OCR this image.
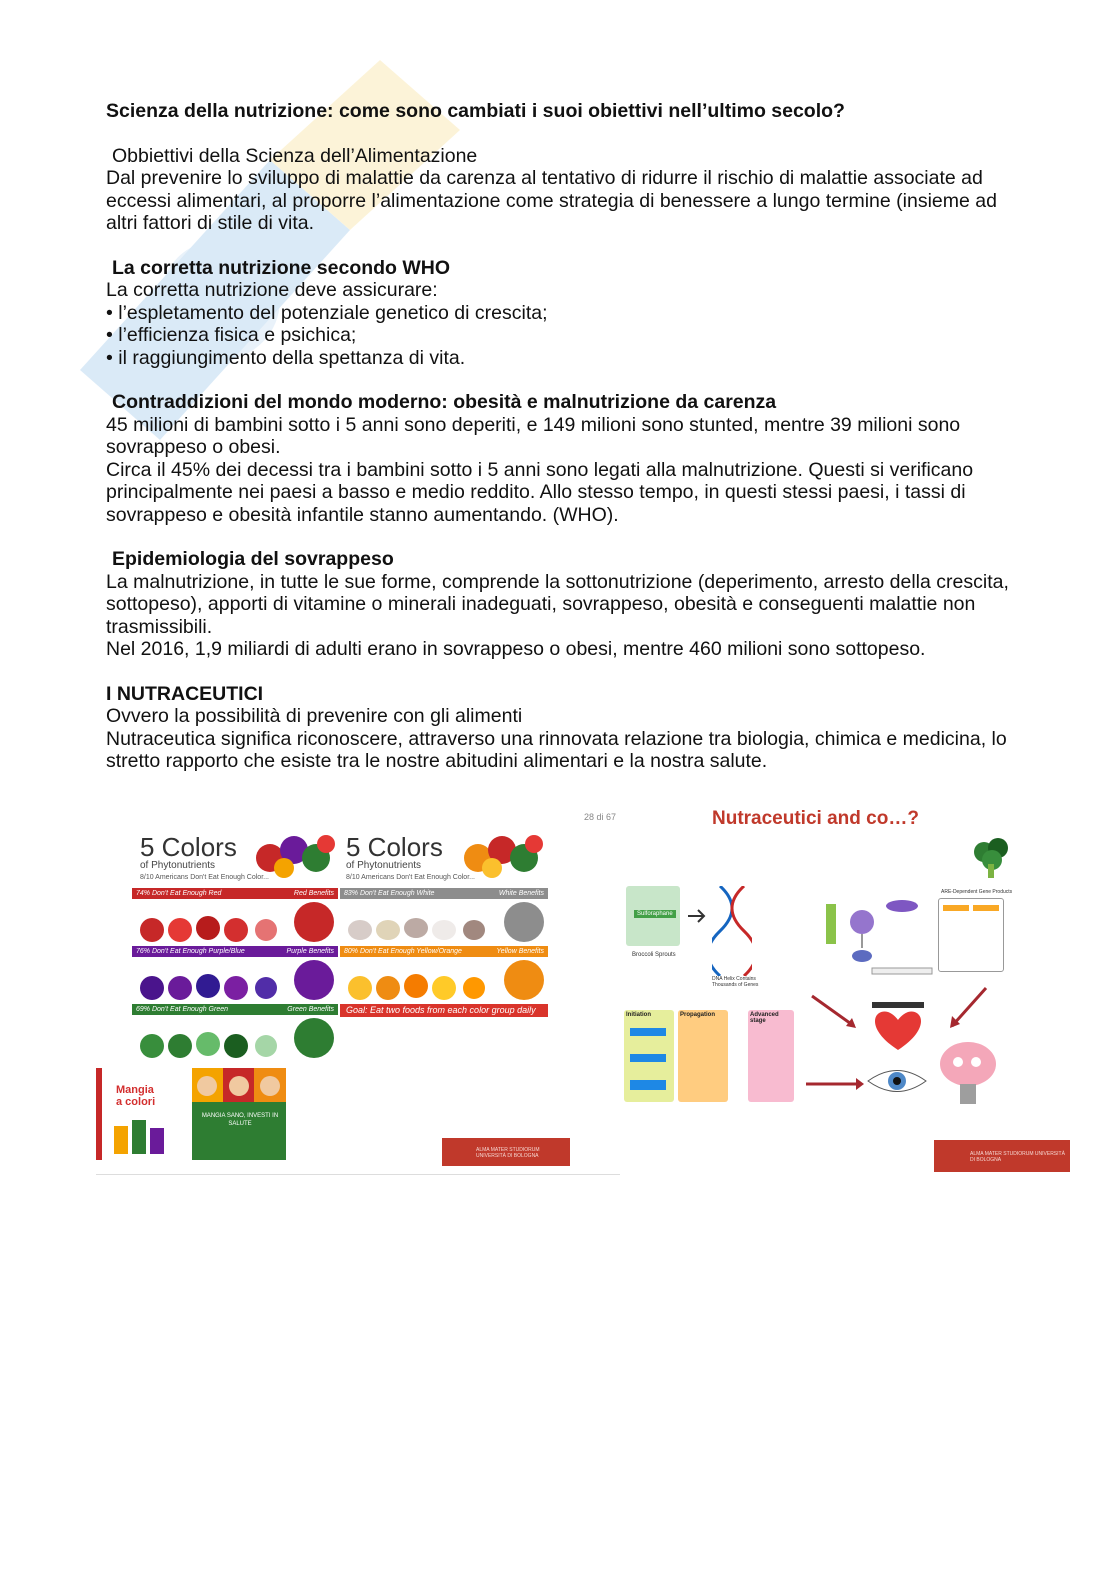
Scienza della nutrizione: come sono cambiati i suoi obiettivi nell’ultimo secolo?

Obbiettivi della Scienza dell’Alimentazione

Dal prevenire lo sviluppo di malattie da carenza al tentativo di ridurre il rischio di malattie associate ad eccessi alimentari, al proporre l’alimentazione come strategia di benessere a lungo termine (insieme ad altri fattori di stile di vita.

La corretta nutrizione secondo WHO

La corretta nutrizione deve assicurare:

• l’espletamento del potenziale genetico di crescita;

• l’efficienza fisica e psichica;

• il raggiungimento della spettanza di vita.

Contraddizioni del mondo moderno: obesità e malnutrizione da carenza

45 milioni di bambini sotto i 5 anni sono deperiti, e 149 milioni sono stunted, mentre 39 milioni sono sovrappeso o obesi.

Circa il 45% dei decessi tra i bambini sotto i 5 anni sono legati alla malnutrizione. Questi si verificano principalmente nei paesi a basso e medio reddito. Allo stesso tempo, in questi stessi paesi, i tassi di sovrappeso e obesità infantile stanno aumentando. (WHO).

Epidemiologia del sovrappeso

La malnutrizione, in tutte le sue forme, comprende la sottonutrizione (deperimento, arresto della crescita, sottopeso), apporti di vitamine o minerali inadeguati, sovrappeso, obesità e conseguenti malattie non trasmissibili.

Nel 2016, 1,9 miliardi di adulti erano in sovrappeso o obesi, mentre 460 milioni sono sottopeso.

I NUTRACEUTICI

Ovvero la possibilità di prevenire con gli alimenti

Nutraceutica significa riconoscere, attraverso una rinnovata relazione tra biologia, chimica e medicina, lo stretto rapporto che esiste tra le nostre abitudini alimentari e la nostra salute.

28 di 67
5 Colors
of Phytonutrients
8/10 Americans Don't Eat Enough Color...
74% Don't Eat Enough Red	Red Benefits
76% Don't Eat Enough Purple/Blue	Purple Benefits
69% Don't Eat Enough Green	Green Benefits
5 Colors
of Phytonutrients
8/10 Americans Don't Eat Enough Color...
83% Don't Eat Enough White	White Benefits
80% Don't Eat Enough Yellow/Orange	Yellow Benefits
Goal: Eat two foods from each color group daily
Mangia a colori
MANGIA SANO, INVESTI IN SALUTE
ALMA MATER STUDIORUM UNIVERSITÀ DI BOLOGNA
Nutraceutici and co…?
Sulforaphane
Broccoli Sprouts
DNA Helix Contains Thousands of Genes
ARE-Dependent Gene Products
Initiation	Propagation	Advanced stage
ALMA MATER STUDIORUM UNIVERSITÀ DI BOLOGNA
